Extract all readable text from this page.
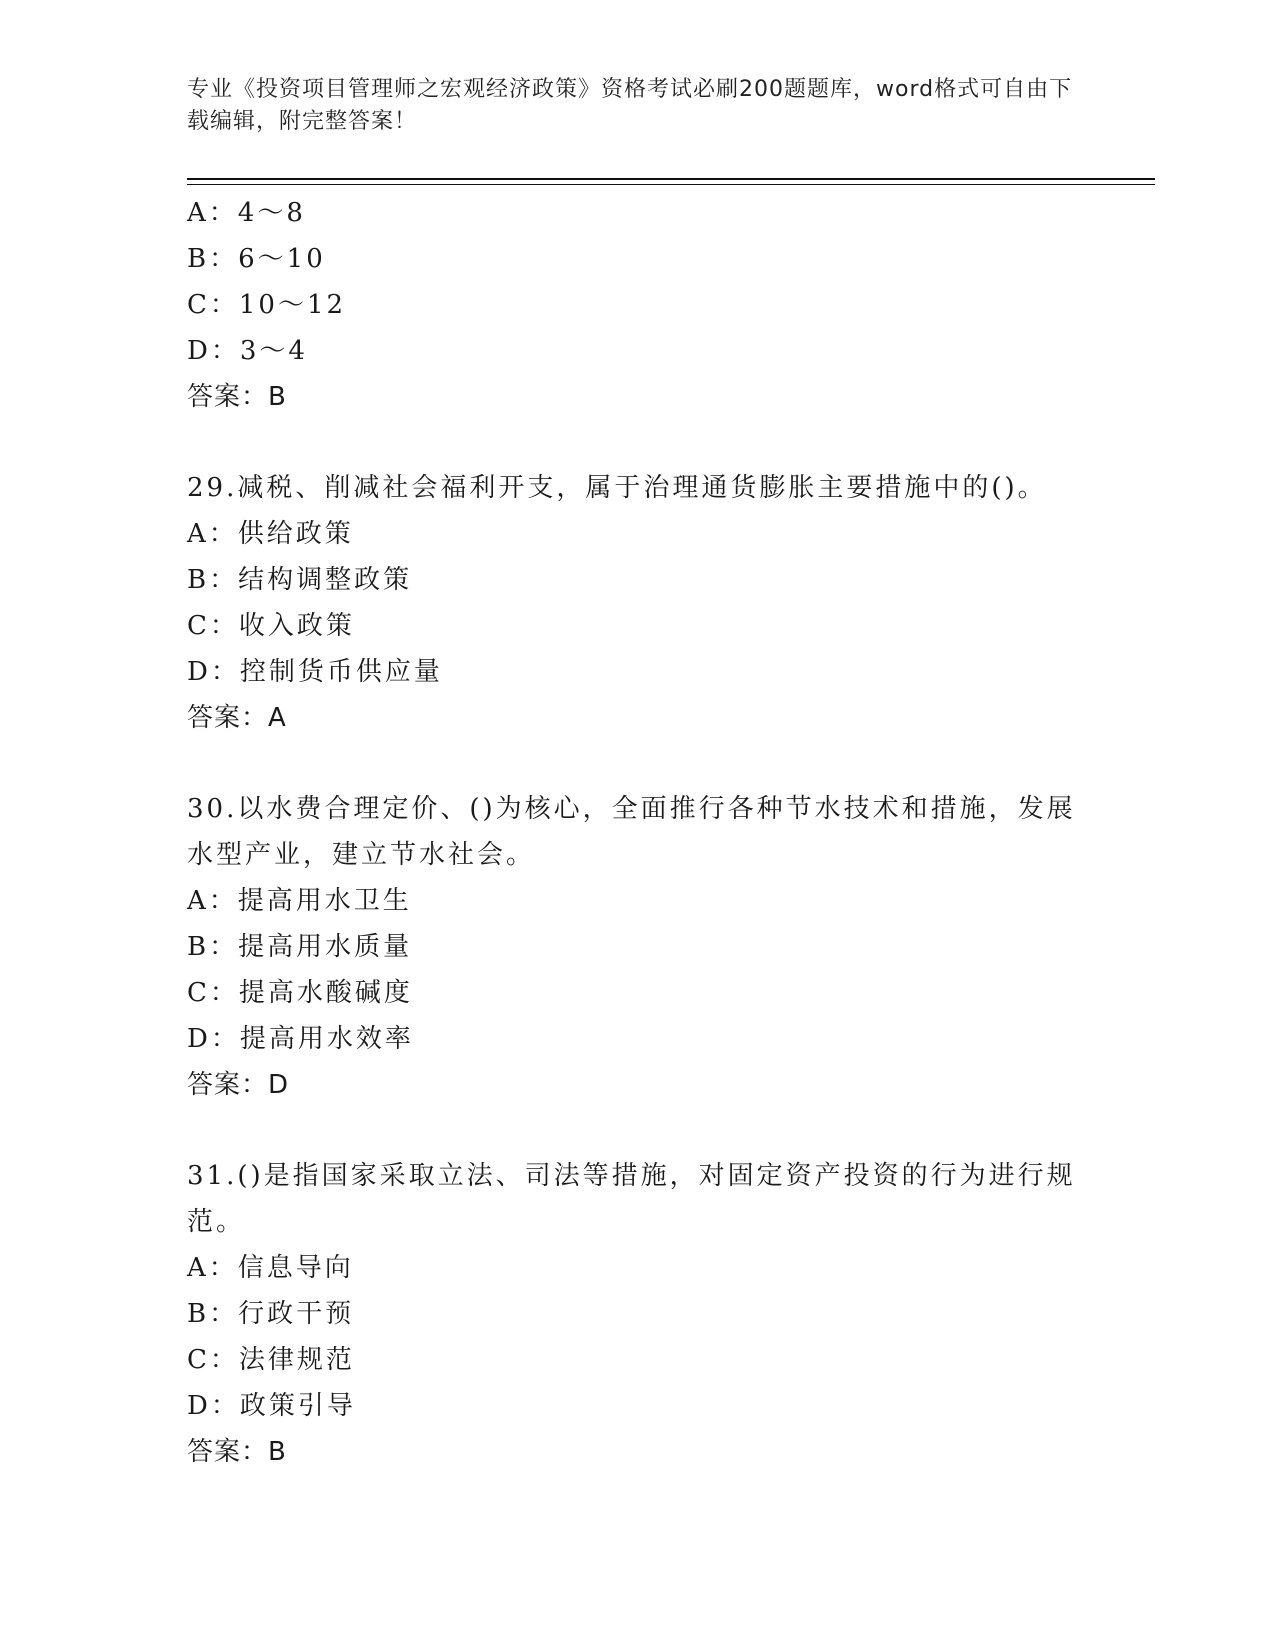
专业《投资项目管理师之宏观经济政策》资格考试必刷200题题库，word格式可自由下载编辑，附完整答案！
A：4～8
B：6～10
C：10～12
D：3～4
答案：B
29.减税、削减社会福利开支，属于治理通货膨胀主要措施中的()。
A：供给政策
B：结构调整政策
C：收入政策
D：控制货币供应量
答案：A
30.以水费合理定价、()为核心，全面推行各种节水技术和措施，发展水型产业，建立节水社会。
A：提高用水卫生
B：提高用水质量
C：提高水酸碱度
D：提高用水效率
答案：D
31.()是指国家采取立法、司法等措施，对固定资产投资的行为进行规范。
A：信息导向
B：行政干预
C：法律规范
D：政策引导
答案：B
